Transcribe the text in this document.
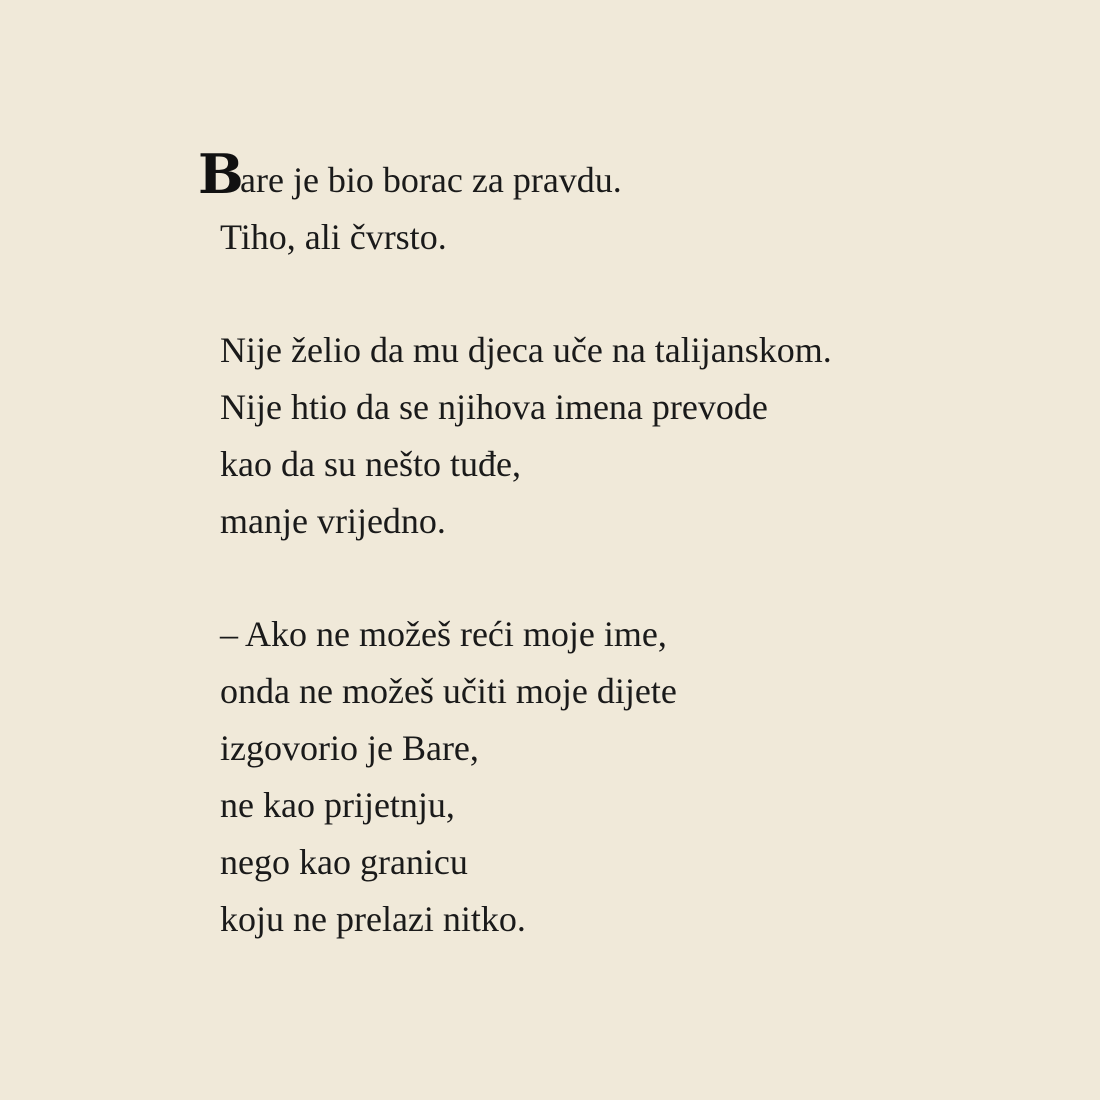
B
are je bio borac za pravdu.
Tiho, ali čvrsto.
Nije želio da mu djeca uče na talijanskom.
Nije htio da se njihova imena prevode
kao da su nešto tuđe,
manje vrijedno.
– Ako ne možeš reći moje ime,
onda ne možeš učiti moje dijete
izgovorio je Bare,
ne kao prijetnju,
nego kao granicu
koju ne prelazi nitko.
